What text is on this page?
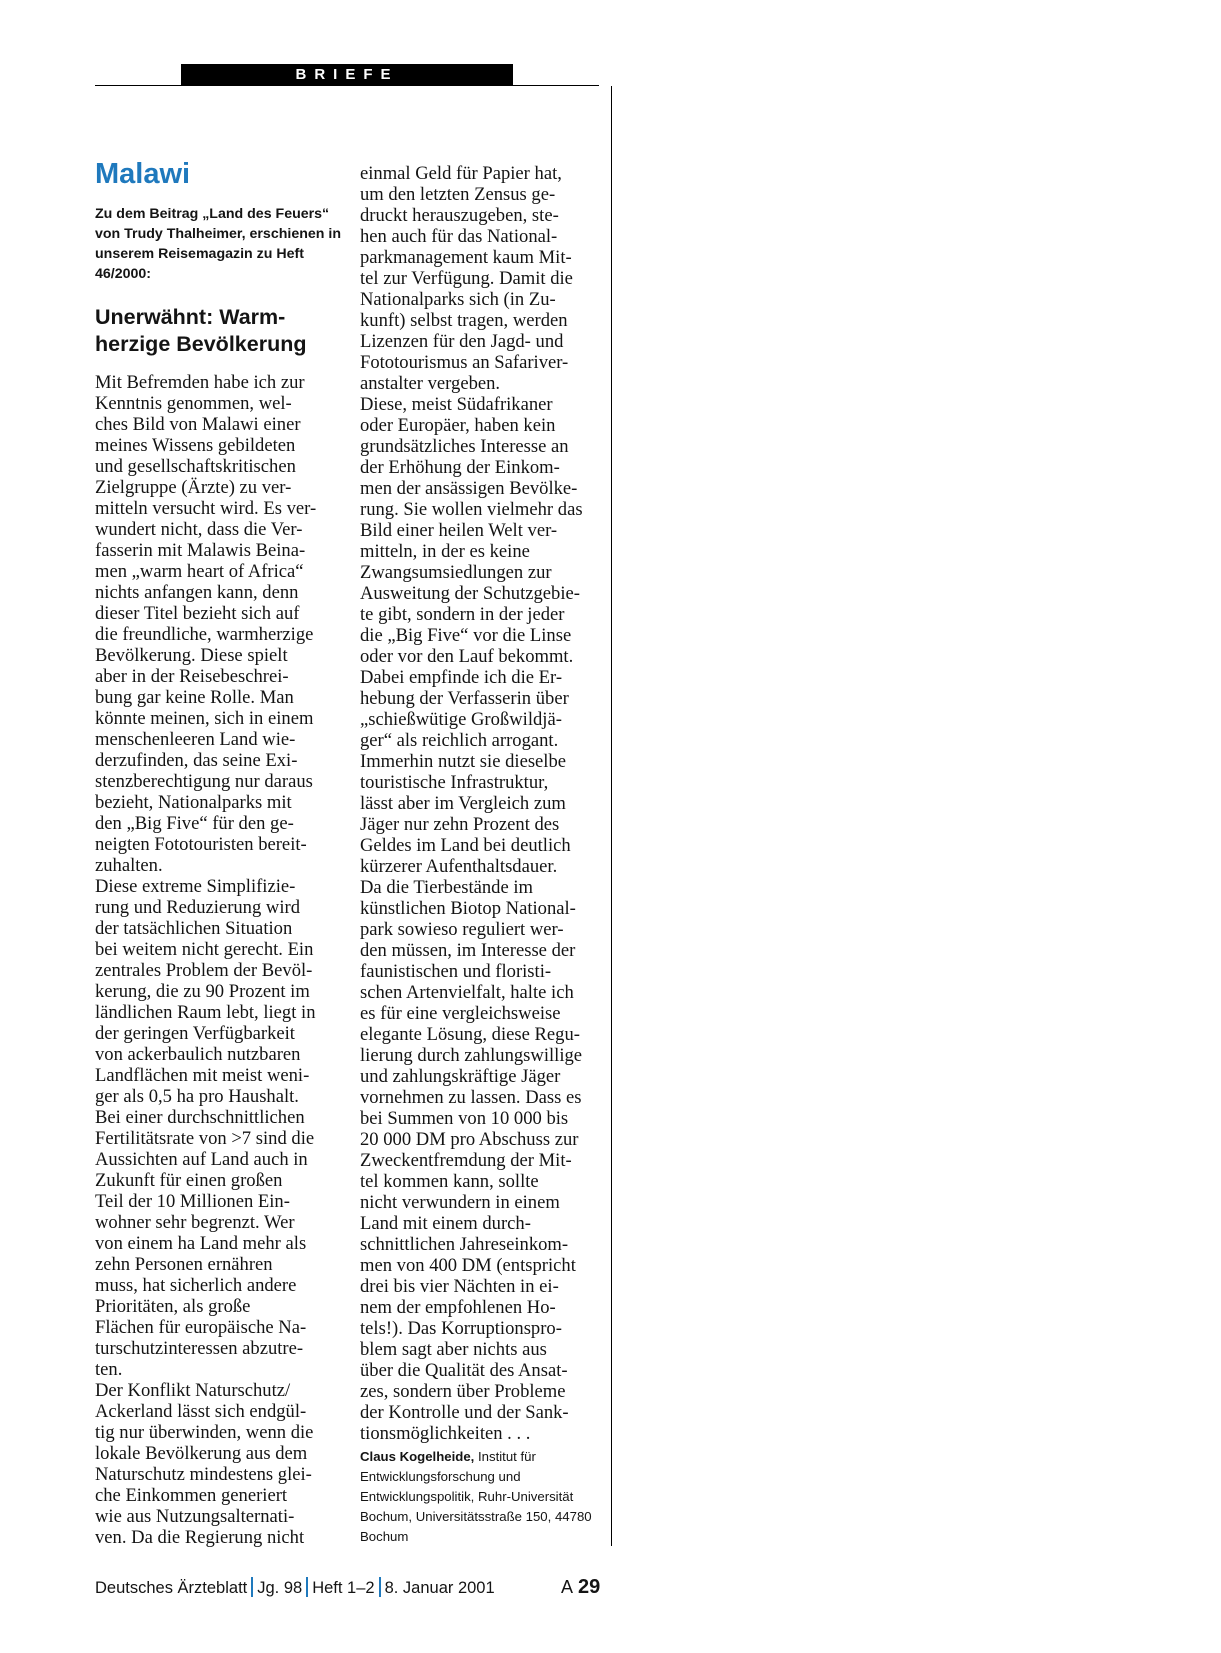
BRIEFE
Malawi
Zu dem Beitrag „Land des Feuers“
von Trudy Thalheimer, erschienen in
unserem Reisemagazin zu Heft
46/2000:
Unerwähnt: Warm-
herzige Bevölkerung
Mit Befremden habe ich zur
Kenntnis genommen, wel-
ches Bild von Malawi einer
meines Wissens gebildeten
und gesellschaftskritischen
Zielgruppe (Ärzte) zu ver-
mitteln versucht wird. Es ver-
wundert nicht, dass die Ver-
fasserin mit Malawis Beina-
men „warm heart of Africa“
nichts anfangen kann, denn
dieser Titel bezieht sich auf
die freundliche, warmherzige
Bevölkerung. Diese spielt
aber in der Reisebeschrei-
bung gar keine Rolle. Man
könnte meinen, sich in einem
menschenleeren Land wie-
derzufinden, das seine Exi-
stenzberechtigung nur daraus
bezieht, Nationalparks mit
den „Big Five“ für den ge-
neigten Fototouristen bereit-
zuhalten.
Diese extreme Simplifizie-
rung und Reduzierung wird
der tatsächlichen Situation
bei weitem nicht gerecht. Ein
zentrales Problem der Bevöl-
kerung, die zu 90 Prozent im
ländlichen Raum lebt, liegt in
der geringen Verfügbarkeit
von ackerbaulich nutzbaren
Landflächen mit meist weni-
ger als 0,5 ha pro Haushalt.
Bei einer durchschnittlichen
Fertilitätsrate von >7 sind die
Aussichten auf Land auch in
Zukunft für einen großen
Teil der 10 Millionen Ein-
wohner sehr begrenzt. Wer
von einem ha Land mehr als
zehn Personen ernähren
muss, hat sicherlich andere
Prioritäten, als große
Flächen für europäische Na-
turschutzinteressen abzutre-
ten.
Der Konflikt Naturschutz/
Ackerland lässt sich endgül-
tig nur überwinden, wenn die
lokale Bevölkerung aus dem
Naturschutz mindestens glei-
che Einkommen generiert
wie aus Nutzungsalternati-
ven. Da die Regierung nicht
einmal Geld für Papier hat,
um den letzten Zensus ge-
druckt herauszugeben, ste-
hen auch für das National-
parkmanagement kaum Mit-
tel zur Verfügung. Damit die
Nationalparks sich (in Zu-
kunft) selbst tragen, werden
Lizenzen für den Jagd- und
Fototourismus an Safariver-
anstalter vergeben.
Diese, meist Südafrikaner
oder Europäer, haben kein
grundsätzliches Interesse an
der Erhöhung der Einkom-
men der ansässigen Bevölke-
rung. Sie wollen vielmehr das
Bild einer heilen Welt ver-
mitteln, in der es keine
Zwangsumsiedlungen zur
Ausweitung der Schutzgebie-
te gibt, sondern in der jeder
die „Big Five“ vor die Linse
oder vor den Lauf bekommt.
Dabei empfinde ich die Er-
hebung der Verfasserin über
„schießwütige Großwildjä-
ger“ als reichlich arrogant.
Immerhin nutzt sie dieselbe
touristische Infrastruktur,
lässt aber im Vergleich zum
Jäger nur zehn Prozent des
Geldes im Land bei deutlich
kürzerer Aufenthaltsdauer.
Da die Tierbestände im
künstlichen Biotop National-
park sowieso reguliert wer-
den müssen, im Interesse der
faunistischen und floristi-
schen Artenvielfalt, halte ich
es für eine vergleichsweise
elegante Lösung, diese Regu-
lierung durch zahlungswillige
und zahlungskräftige Jäger
vornehmen zu lassen. Dass es
bei Summen von 10 000 bis
20 000 DM pro Abschuss zur
Zweckentfremdung der Mit-
tel kommen kann, sollte
nicht verwundern in einem
Land mit einem durch-
schnittlichen Jahreseinkom-
men von 400 DM (entspricht
drei bis vier Nächten in ei-
nem der empfohlenen Ho-
tels!). Das Korruptionspro-
blem sagt aber nichts aus
über die Qualität des Ansat-
zes, sondern über Probleme
der Kontrolle und der Sank-
tionsmöglichkeiten . . .
Claus Kogelheide, Institut für
Entwicklungsforschung und
Entwicklungspolitik, Ruhr-Universität
Bochum, Universitätsstraße 150, 44780
Bochum
Deutsches Ärzteblatt Jg. 98 Heft 1–2 8. Januar 2001	A 29
